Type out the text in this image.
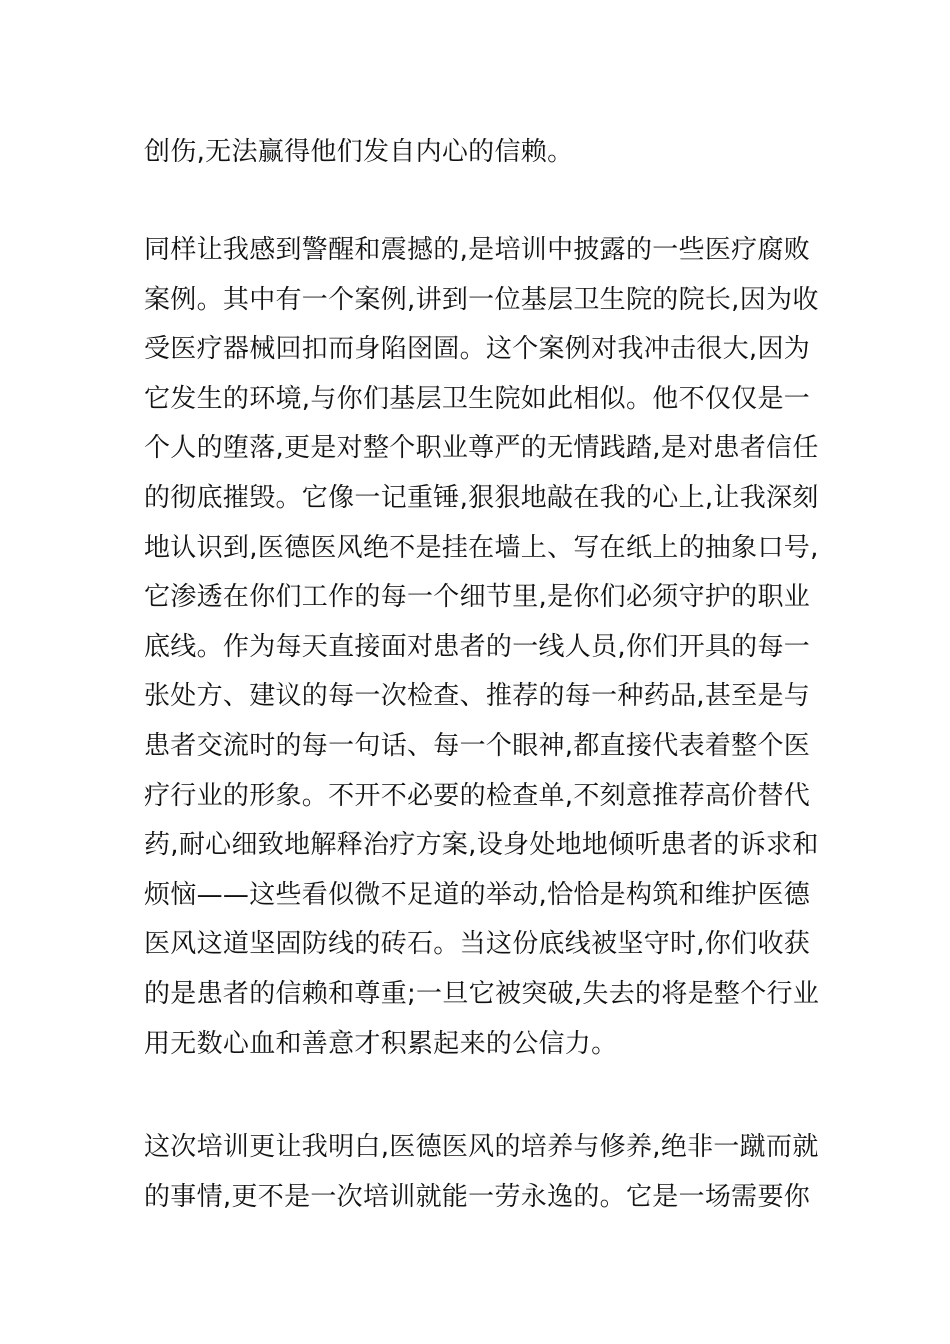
创伤,无法赢得他们发自内心的信赖。
同样让我感到警醒和震撼的,是培训中披露的一些医疗腐败
案例。其中有一个案例,讲到一位基层卫生院的院长,因为收
受医疗器械回扣而身陷囹圄。这个案例对我冲击很大,因为
它发生的环境,与你们基层卫生院如此相似。他不仅仅是一
个人的堕落,更是对整个职业尊严的无情践踏,是对患者信任
的彻底摧毁。它像一记重锤,狠狠地敲在我的心上,让我深刻
地认识到,医德医风绝不是挂在墙上、写在纸上的抽象口号,
它渗透在你们工作的每一个细节里,是你们必须守护的职业
底线。作为每天直接面对患者的一线人员,你们开具的每一
张处方、建议的每一次检查、推荐的每一种药品,甚至是与
患者交流时的每一句话、每一个眼神,都直接代表着整个医
疗行业的形象。不开不必要的检查单,不刻意推荐高价替代
药,耐心细致地解释治疗方案,设身处地地倾听患者的诉求和
烦恼——这些看似微不足道的举动,恰恰是构筑和维护医德
医风这道坚固防线的砖石。当这份底线被坚守时,你们收获
的是患者的信赖和尊重;一旦它被突破,失去的将是整个行业
用无数心血和善意才积累起来的公信力。
这次培训更让我明白,医德医风的培养与修养,绝非一蹴而就
的事情,更不是一次培训就能一劳永逸的。它是一场需要你
